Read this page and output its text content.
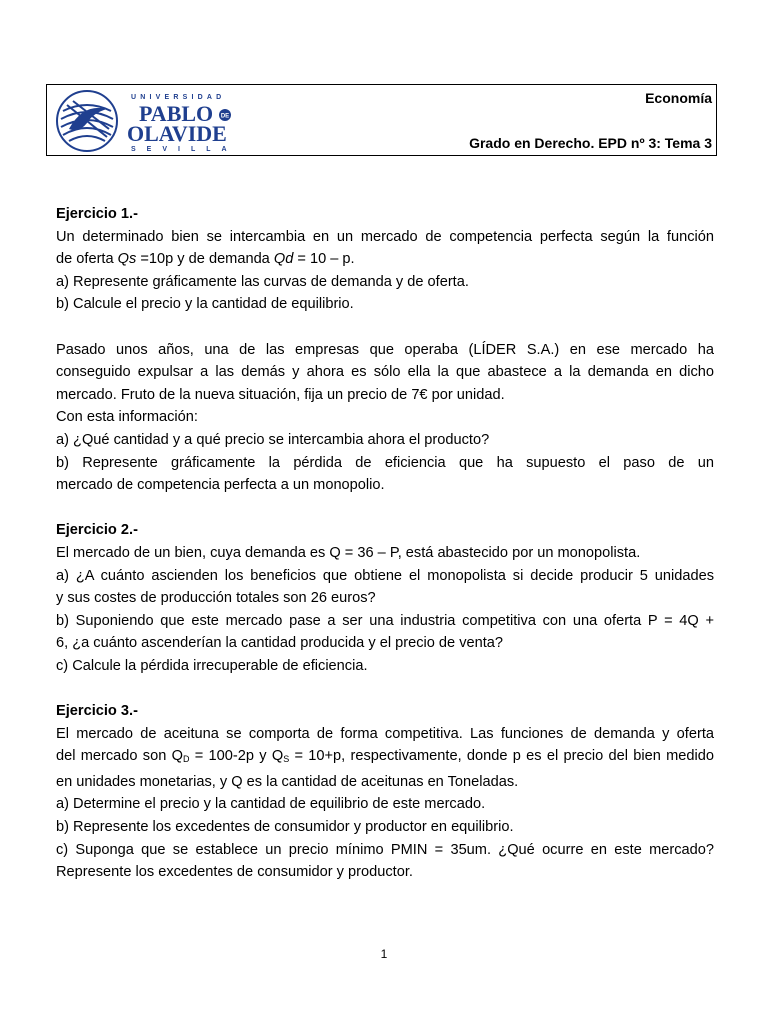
UNIVERSIDAD
PABLO DE
OLAVIDE
SEVILLA
Economía
Grado en Derecho. EPD nº 3: Tema 3

Ejercicio 1.-

Un determinado bien se intercambia en un mercado de competencia perfecta según la función

de oferta Qs =10p y de demanda Qd = 10 – p.

a) Represente gráficamente las curvas de demanda y de oferta.

b) Calcule el precio y la cantidad de equilibrio.

Pasado unos años, una de las empresas que operaba (LÍDER S.A.) en ese mercado ha

conseguido expulsar a las demás y ahora es sólo ella la que abastece a la demanda en dicho

mercado. Fruto de la nueva situación, fija un precio de 7€ por unidad.

Con esta información:

a) ¿Qué cantidad y a qué precio se intercambia ahora el producto?

b) Represente gráficamente la pérdida de eficiencia que ha supuesto el paso de un

mercado de competencia perfecta a un monopolio.

Ejercicio 2.-

El mercado de un bien, cuya demanda es Q = 36 – P, está abastecido por un monopolista.

a) ¿A cuánto ascienden los beneficios que obtiene el monopolista si decide producir 5 unidades

y sus costes de producción totales son 26 euros?

b) Suponiendo que este mercado pase a ser una industria competitiva con una oferta P = 4Q +

6, ¿a cuánto ascenderían la cantidad producida y el precio de venta?

c) Calcule la pérdida irrecuperable de eficiencia.

Ejercicio 3.-

El mercado de aceituna se comporta de forma competitiva. Las funciones de demanda y oferta

del mercado son $Q_D = 100-2p$ y $Q_S = 10+p$, respectivamente, donde p es el precio del bien medido

en unidades monetarias, y Q es la cantidad de aceitunas en Toneladas.

a) Determine el precio y la cantidad de equilibrio de este mercado.

b) Represente los excedentes de consumidor y productor en equilibrio.

c) Suponga que se establece un precio mínimo PMIN = 35um. ¿Qué ocurre en este mercado?

Represente los excedentes de consumidor y productor.

1
